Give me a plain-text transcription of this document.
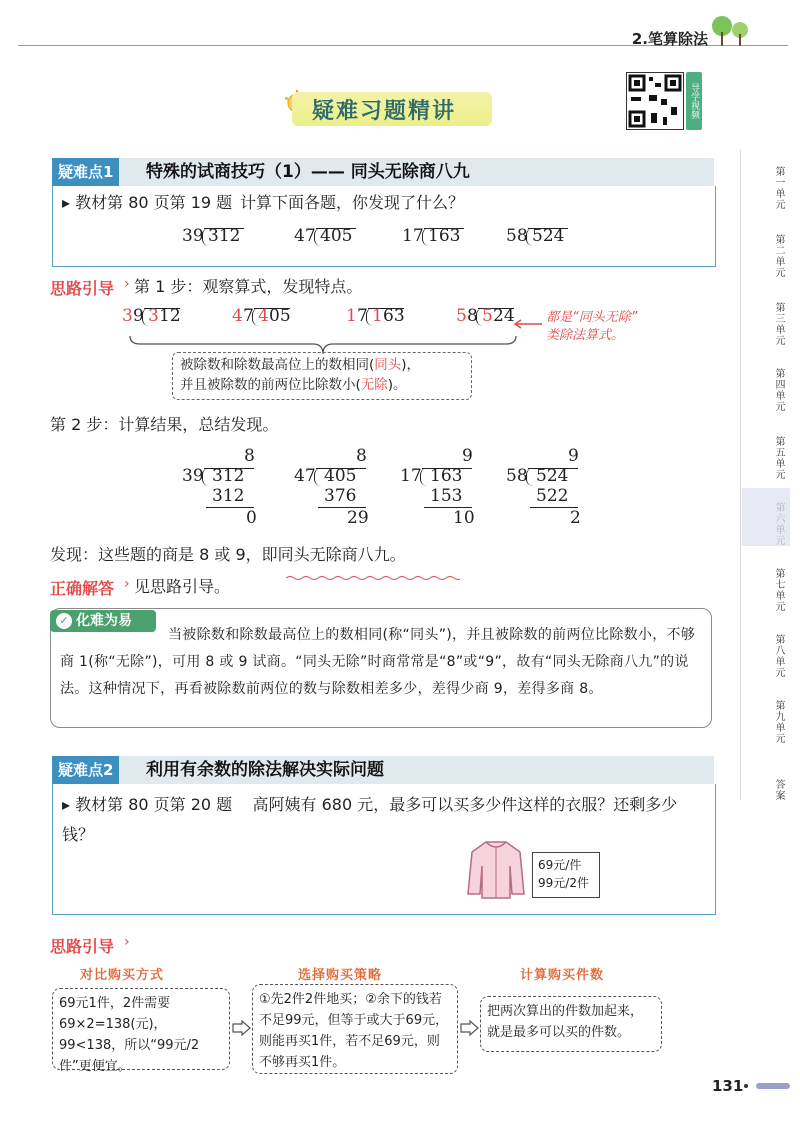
2.笔算除法
疑难习题精讲	导学视频
疑难点1	特殊的试商技巧（1）—— 同头无除商八九
▸ 教材第 80 页第 19 题 计算下面各题，你发现了什么？
思路引导 › 第 1 步：观察算式，发现特点。
都是“同头无除”
类除法算式。
被除数和除数最高位上的数相同(同头)，
并且被除数的前两位比除数小(无除)。
第 2 步：计算结果，总结发现。
发现：这些题的商是 8 或 9，即同头无除商八九。
正确解答 › 见思路引导。
✓ 化难为易
当被除数和除数最高位上的数相同(称“同头”)，并且被除数的前两位比除数小，不够商 1(称“无除”)，可用 8 或 9 试商。“同头无除”时商常常是“8”或“9”，故有“同头无除商八九”的说法。这种情况下，再看被除数前两位的数与除数相差多少，差得少商 9，差得多商 8。
疑难点2	利用有余数的除法解决实际问题
▸ 教材第 80 页第 20 题 高阿姨有 680 元，最多可以买多少件这样的衣服？还剩多少钱？
69元/件
99元/2件
思路引导 ›
对比购买方式	选择购买策略	计算购买件数
69元1件，2件需要69×2=138(元)，99<138，所以“99元/2件”更便宜。
①先2件2件地买；②余下的钱若不足99元，但等于或大于69元，则能再买1件，若不足69元，则不够再买1件。
把两次算出的件数加起来，就是最多可以买的件数。
131
39 312	47 405	17 163	58 524
3 9 3 12	4 7 4 05	1 7 1 63	5 8 5 24
8
39 312
312
0
8
47 405
376
29
9
17 163
153
10
9
58 524
522
2
第一单元
第二单元
第三单元
第四单元
第五单元
第六单元
第七单元
第八单元
第九单元
答案
